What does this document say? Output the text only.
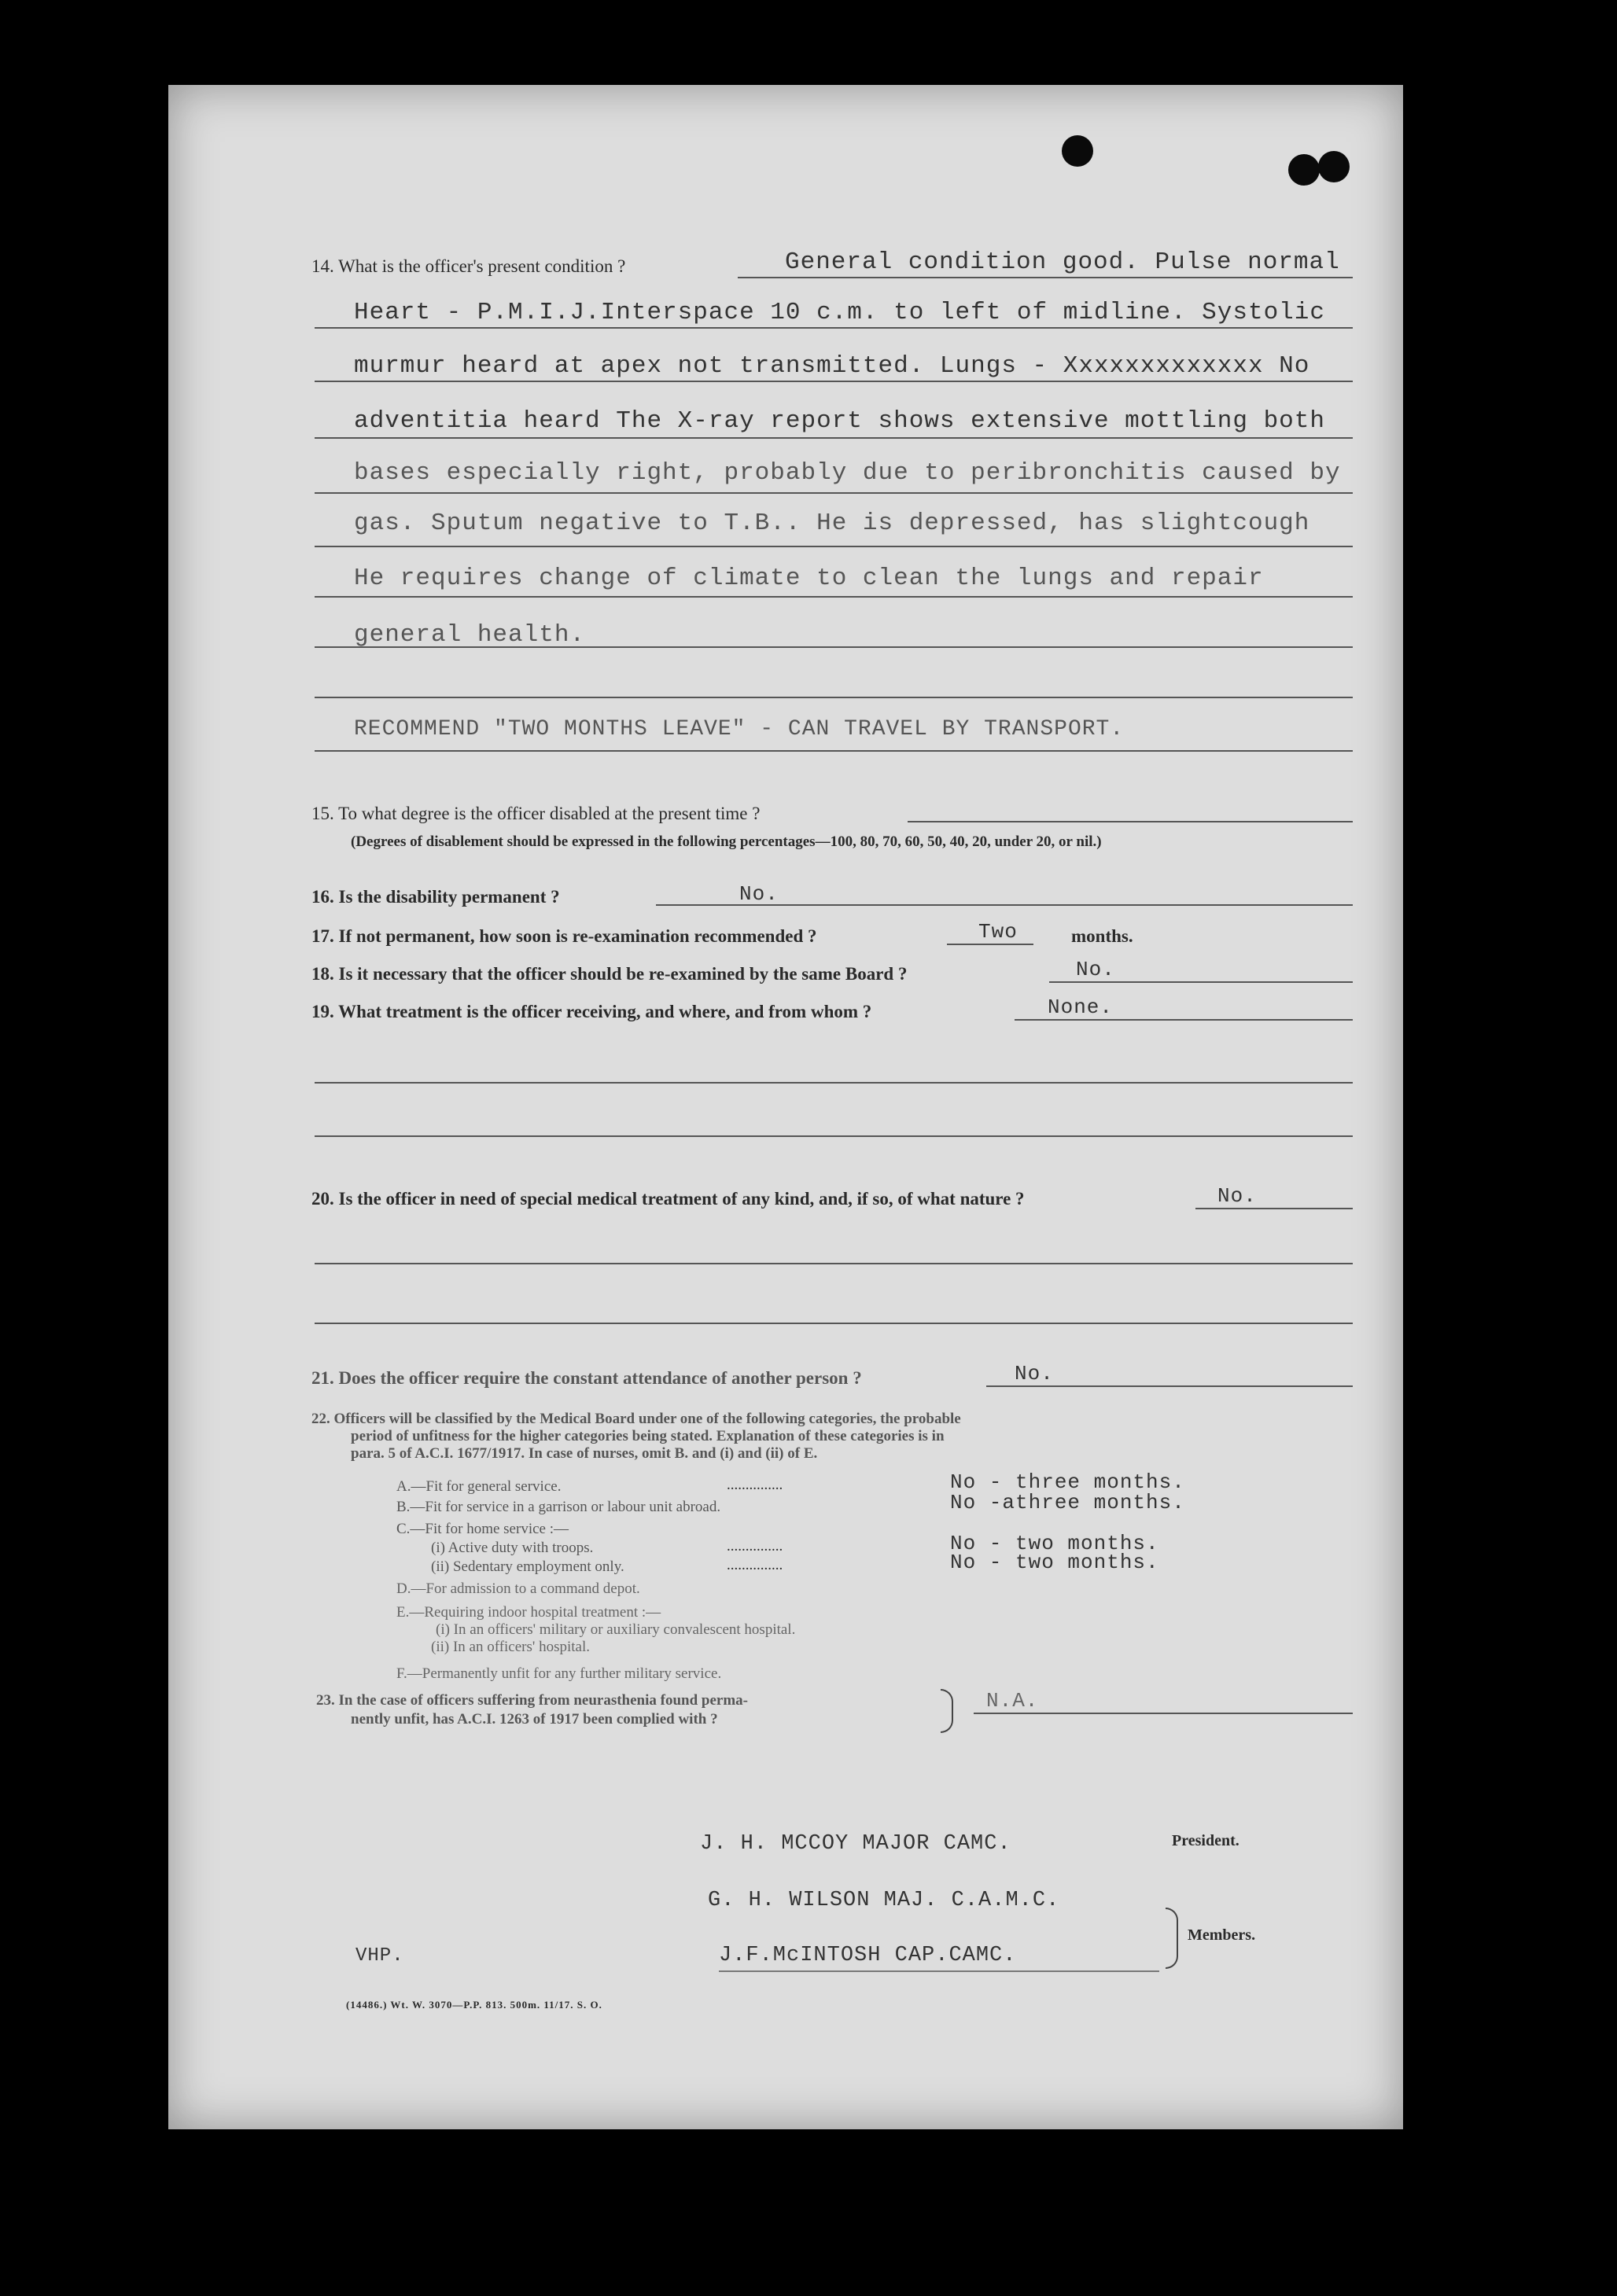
14. What is the officer's present condition ?	General condition good. Pulse normal
Heart - P.M.I.J.Interspace 10 c.m. to left of midline. Systolic
murmur heard at apex not transmitted. Lungs - Xxxxxxxxxxxxx No
adventitia heard The X-ray report shows extensive mottling both
bases especially right, probably due to peribronchitis caused by
gas. Sputum negative to T.B.. He is depressed, has slightcough
He requires change of climate to clean the lungs and repair
general health.
RECOMMEND "TWO MONTHS LEAVE" - CAN TRAVEL BY TRANSPORT.
15. To what degree is the officer disabled at the present time ?
(Degrees of disablement should be expressed in the following percentages—100, 80, 70, 60, 50, 40, 20, under 20, or nil.)
16. Is the disability permanent ?	No.
17. If not permanent, how soon is re-examination recommended ?	Two	months.
18. Is it necessary that the officer should be re-examined by the same Board ?	No.
19. What treatment is the officer receiving, and where, and from whom ?	None.
20. Is the officer in need of special medical treatment of any kind, and, if so, of what nature ?	No.
21. Does the officer require the constant attendance of another person ?	No.
22. Officers will be classified by the Medical Board under one of the following categories, the probable
period of unfitness for the higher categories being stated. Explanation of these categories is in
para. 5 of A.C.I. 1677/1917. In case of nurses, omit B. and (i) and (ii) of E.
A.—Fit for general service.	...............	No - three months.
B.—Fit for service in a garrison or labour unit abroad.	No -athree months.
C.—Fit for home service :—
(i) Active duty with troops.	...............	No - two months.
(ii) Sedentary employment only.	...............	No - two months.
D.—For admission to a command depot.
E.—Requiring indoor hospital treatment :—
(i) In an officers' military or auxiliary convalescent hospital.
(ii) In an officers' hospital.
F.—Permanently unfit for any further military service.
23. In the case of officers suffering from neurasthenia found perma-
nently unfit, has A.C.I. 1263 of 1917 been complied with ?
N.A.
J. H. MCCOY MAJOR CAMC.	President.
G. H. WILSON MAJ. C.A.M.C.
J.F.McINTOSH CAP.CAMC.
Members.
VHP.
(14486.) Wt. W. 3070—P.P. 813. 500m. 11/17. S. O.
